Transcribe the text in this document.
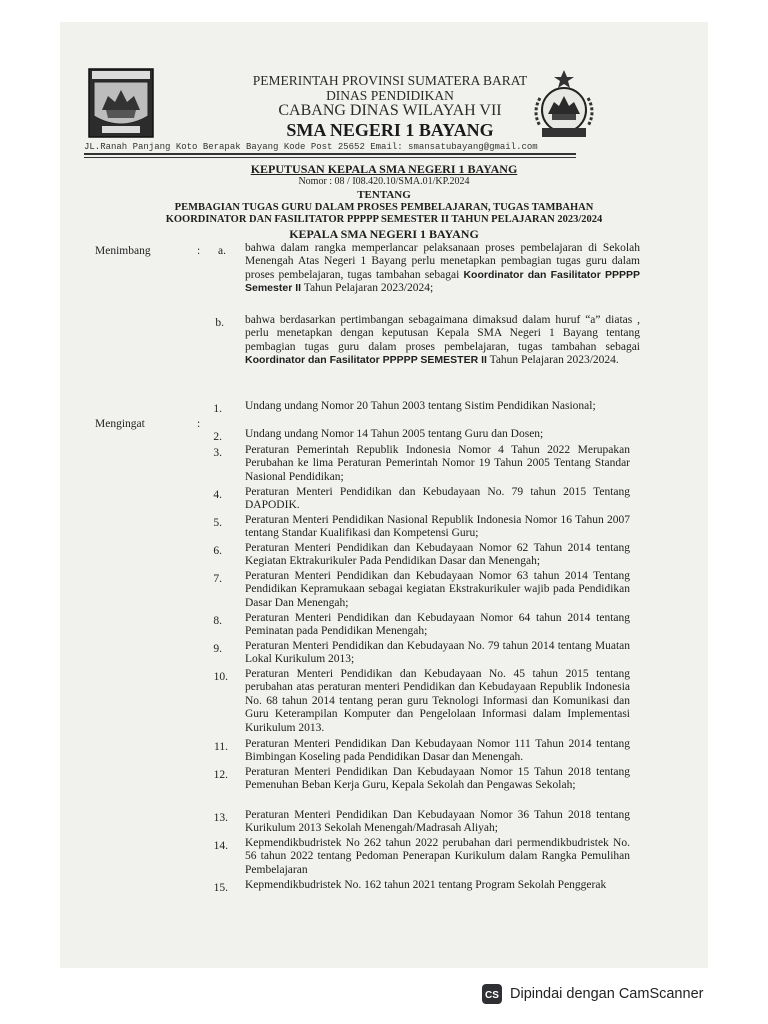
PEMERINTAH PROVINSI SUMATERA BARAT
DINAS PENDIDIKAN
CABANG DINAS WILAYAH VII
SMA NEGERI 1 BAYANG
JL.Ranah Panjang Koto Berapak Bayang Kode Post 25652 Email: smansatubayang@gmail.com
KEPUTUSAN KEPALA SMA NEGERI 1 BAYANG
Nomor : 08 / I08.420.10/SMA.01/KP.2024
TENTANG
PEMBAGIAN TUGAS GURU DALAM PROSES PEMBELAJARAN, TUGAS TAMBAHAN
KOORDINATOR DAN FASILITATOR PPPPP SEMESTER II TAHUN PELAJARAN 2023/2024
KEPALA SMA NEGERI 1 BAYANG
Menimbang	:	a. bahwa dalam rangka memperlancar pelaksanaan proses pembelajaran di Sekolah Menengah Atas Negeri 1 Bayang perlu menetapkan pembagian tugas guru dalam proses pembelajaran, tugas tambahan sebagai Koordinator dan Fasilitator PPPPP Semester II Tahun Pelajaran 2023/2024;
b. bahwa berdasarkan pertimbangan sebagaimana dimaksud dalam huruf “a” diatas , perlu menetapkan dengan keputusan Kepala SMA Negeri 1 Bayang tentang pembagian tugas guru dalam proses pembelajaran, tugas tambahan sebagai Koordinator dan Fasilitator PPPPP SEMESTER II Tahun Pelajaran 2023/2024.
Mengingat	:
1. Undang undang Nomor 20 Tahun 2003 tentang Sistim Pendidikan Nasional;
2. Undang undang Nomor 14 Tahun 2005 tentang Guru dan Dosen;
3. Peraturan Pemerintah Republik Indonesia Nomor 4 Tahun 2022 Merupakan Perubahan ke lima Peraturan Pemerintah Nomor 19 Tahun 2005 Tentang Standar Nasional Pendidikan;
4. Peraturan Menteri Pendidikan dan Kebudayaan No. 79 tahun 2015 Tentang DAPODIK.
5. Peraturan Menteri Pendidikan Nasional Republik Indonesia Nomor 16 Tahun 2007 tentang Standar Kualifikasi dan Kompetensi Guru;
6. Peraturan Menteri Pendidikan dan Kebudayaan Nomor 62 Tahun 2014 tentang Kegiatan Ektrakurikuler Pada Pendidikan Dasar dan Menengah;
7. Peraturan Menteri Pendidikan dan Kebudayaan Nomor 63 tahun 2014 Tentang Pendidikan Kepramukaan sebagai kegiatan Ekstrakurikuler wajib pada Pendidikan Dasar Dan Menengah;
8. Peraturan Menteri Pendidikan dan Kebudayaan Nomor 64 tahun 2014 tentang Peminatan pada Pendidikan Menengah;
9. Peraturan Menteri Pendidikan dan Kebudayaan No. 79 tahun 2014 tentang Muatan Lokal Kurikulum 2013;
10. Peraturan Menteri Pendidikan dan Kebudayaan No. 45 tahun 2015 tentang perubahan atas peraturan menteri Pendidikan dan Kebudayaan Republik Indonesia No. 68 tahun 2014 tentang peran guru Teknologi Informasi dan Komunikasi dan Guru Keterampilan Komputer dan Pengelolaan Informasi dalam Implementasi Kurikulum 2013.
11. Peraturan Menteri Pendidikan Dan Kebudayaan Nomor 111 Tahun 2014 tentang Bimbingan Koseling pada Pendidikan Dasar dan Menengah.
12. Peraturan Menteri Pendidikan Dan Kebudayaan Nomor 15 Tahun 2018 tentang Pemenuhan Beban Kerja Guru, Kepala Sekolah dan Pengawas Sekolah;
13. Peraturan Menteri Pendidikan Dan Kebudayaan Nomor 36 Tahun 2018 tentang Kurikulum 2013 Sekolah Menengah/Madrasah Aliyah;
14. Kepmendikbudristek No 262 tahun 2022 perubahan dari permendikbudristek No. 56 tahun 2022 tentang Pedoman Penerapan Kurikulum dalam Rangka Pemulihan Pembelajaran
15. Kepmendikbudristek No. 162 tahun 2021 tentang Program Sekolah Penggerak
CS Dipindai dengan CamScanner
